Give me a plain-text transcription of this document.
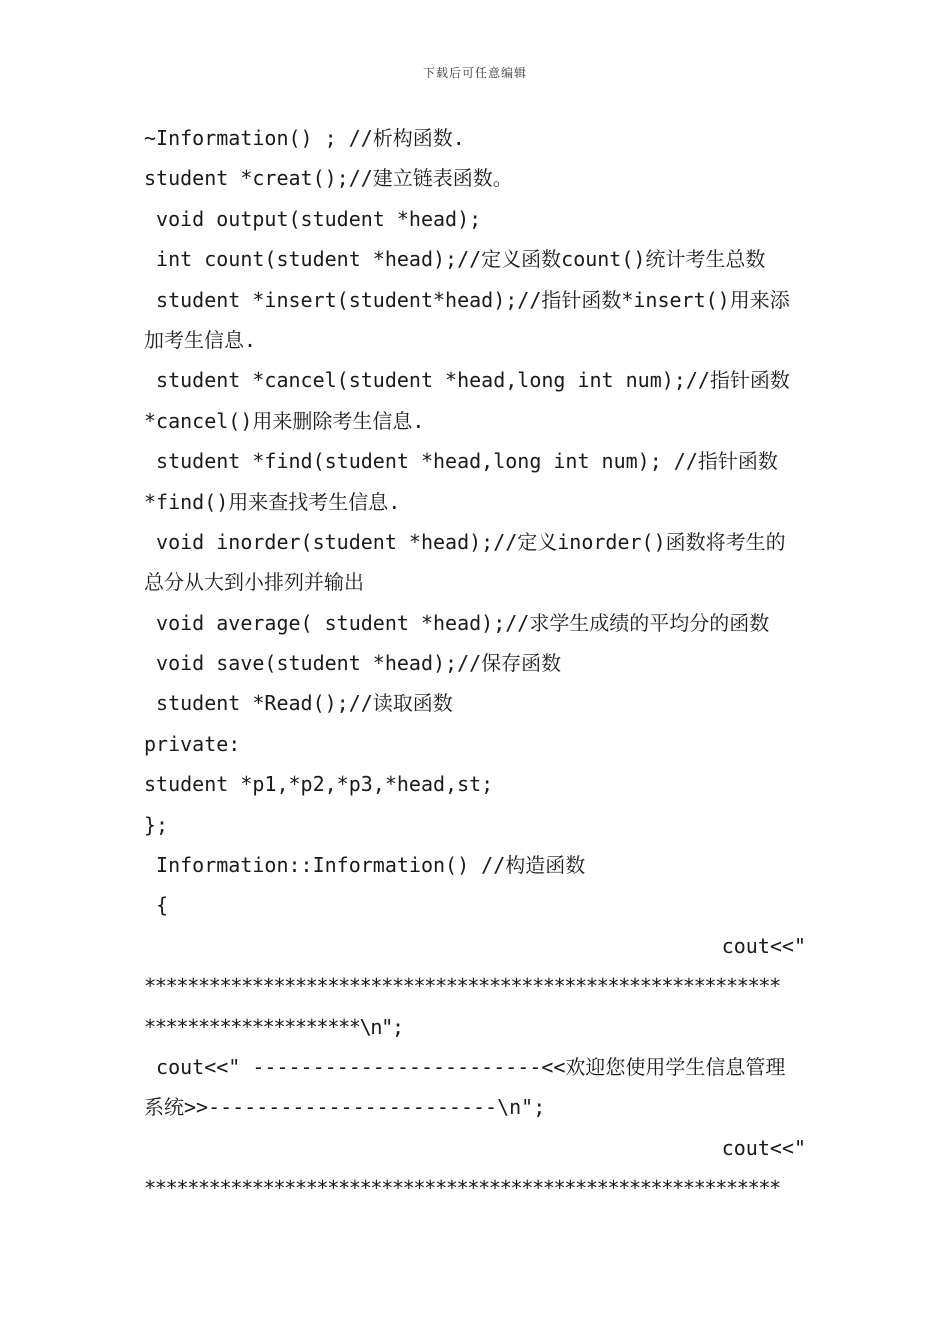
下载后可任意编辑
~Information() ; //析构函数.
student *creat();//建立链表函数。
void output(student *head);
int count(student *head);//定义函数count()统计考生总数
student *insert(student*head);//指针函数*insert()用来添
加考生信息.
student *cancel(student *head,long int num);//指针函数
*cancel()用来删除考生信息.
student *find(student *head,long int num); //指针函数
*find()用来查找考生信息.
void inorder(student *head);//定义inorder()函数将考生的
总分从大到小排列并输出
void average( student *head);//求学生成绩的平均分的函数
void save(student *head);//保存函数
student *Read();//读取函数
private:
student *p1,*p2,*p3,*head,st;
};
Information::Information() //构造函数
{
cout<<"
***********************************************************
********************\n";
cout<<" ------------------------<<欢迎您使用学生信息管理
系统>>------------------------\n";
cout<<"
***********************************************************
